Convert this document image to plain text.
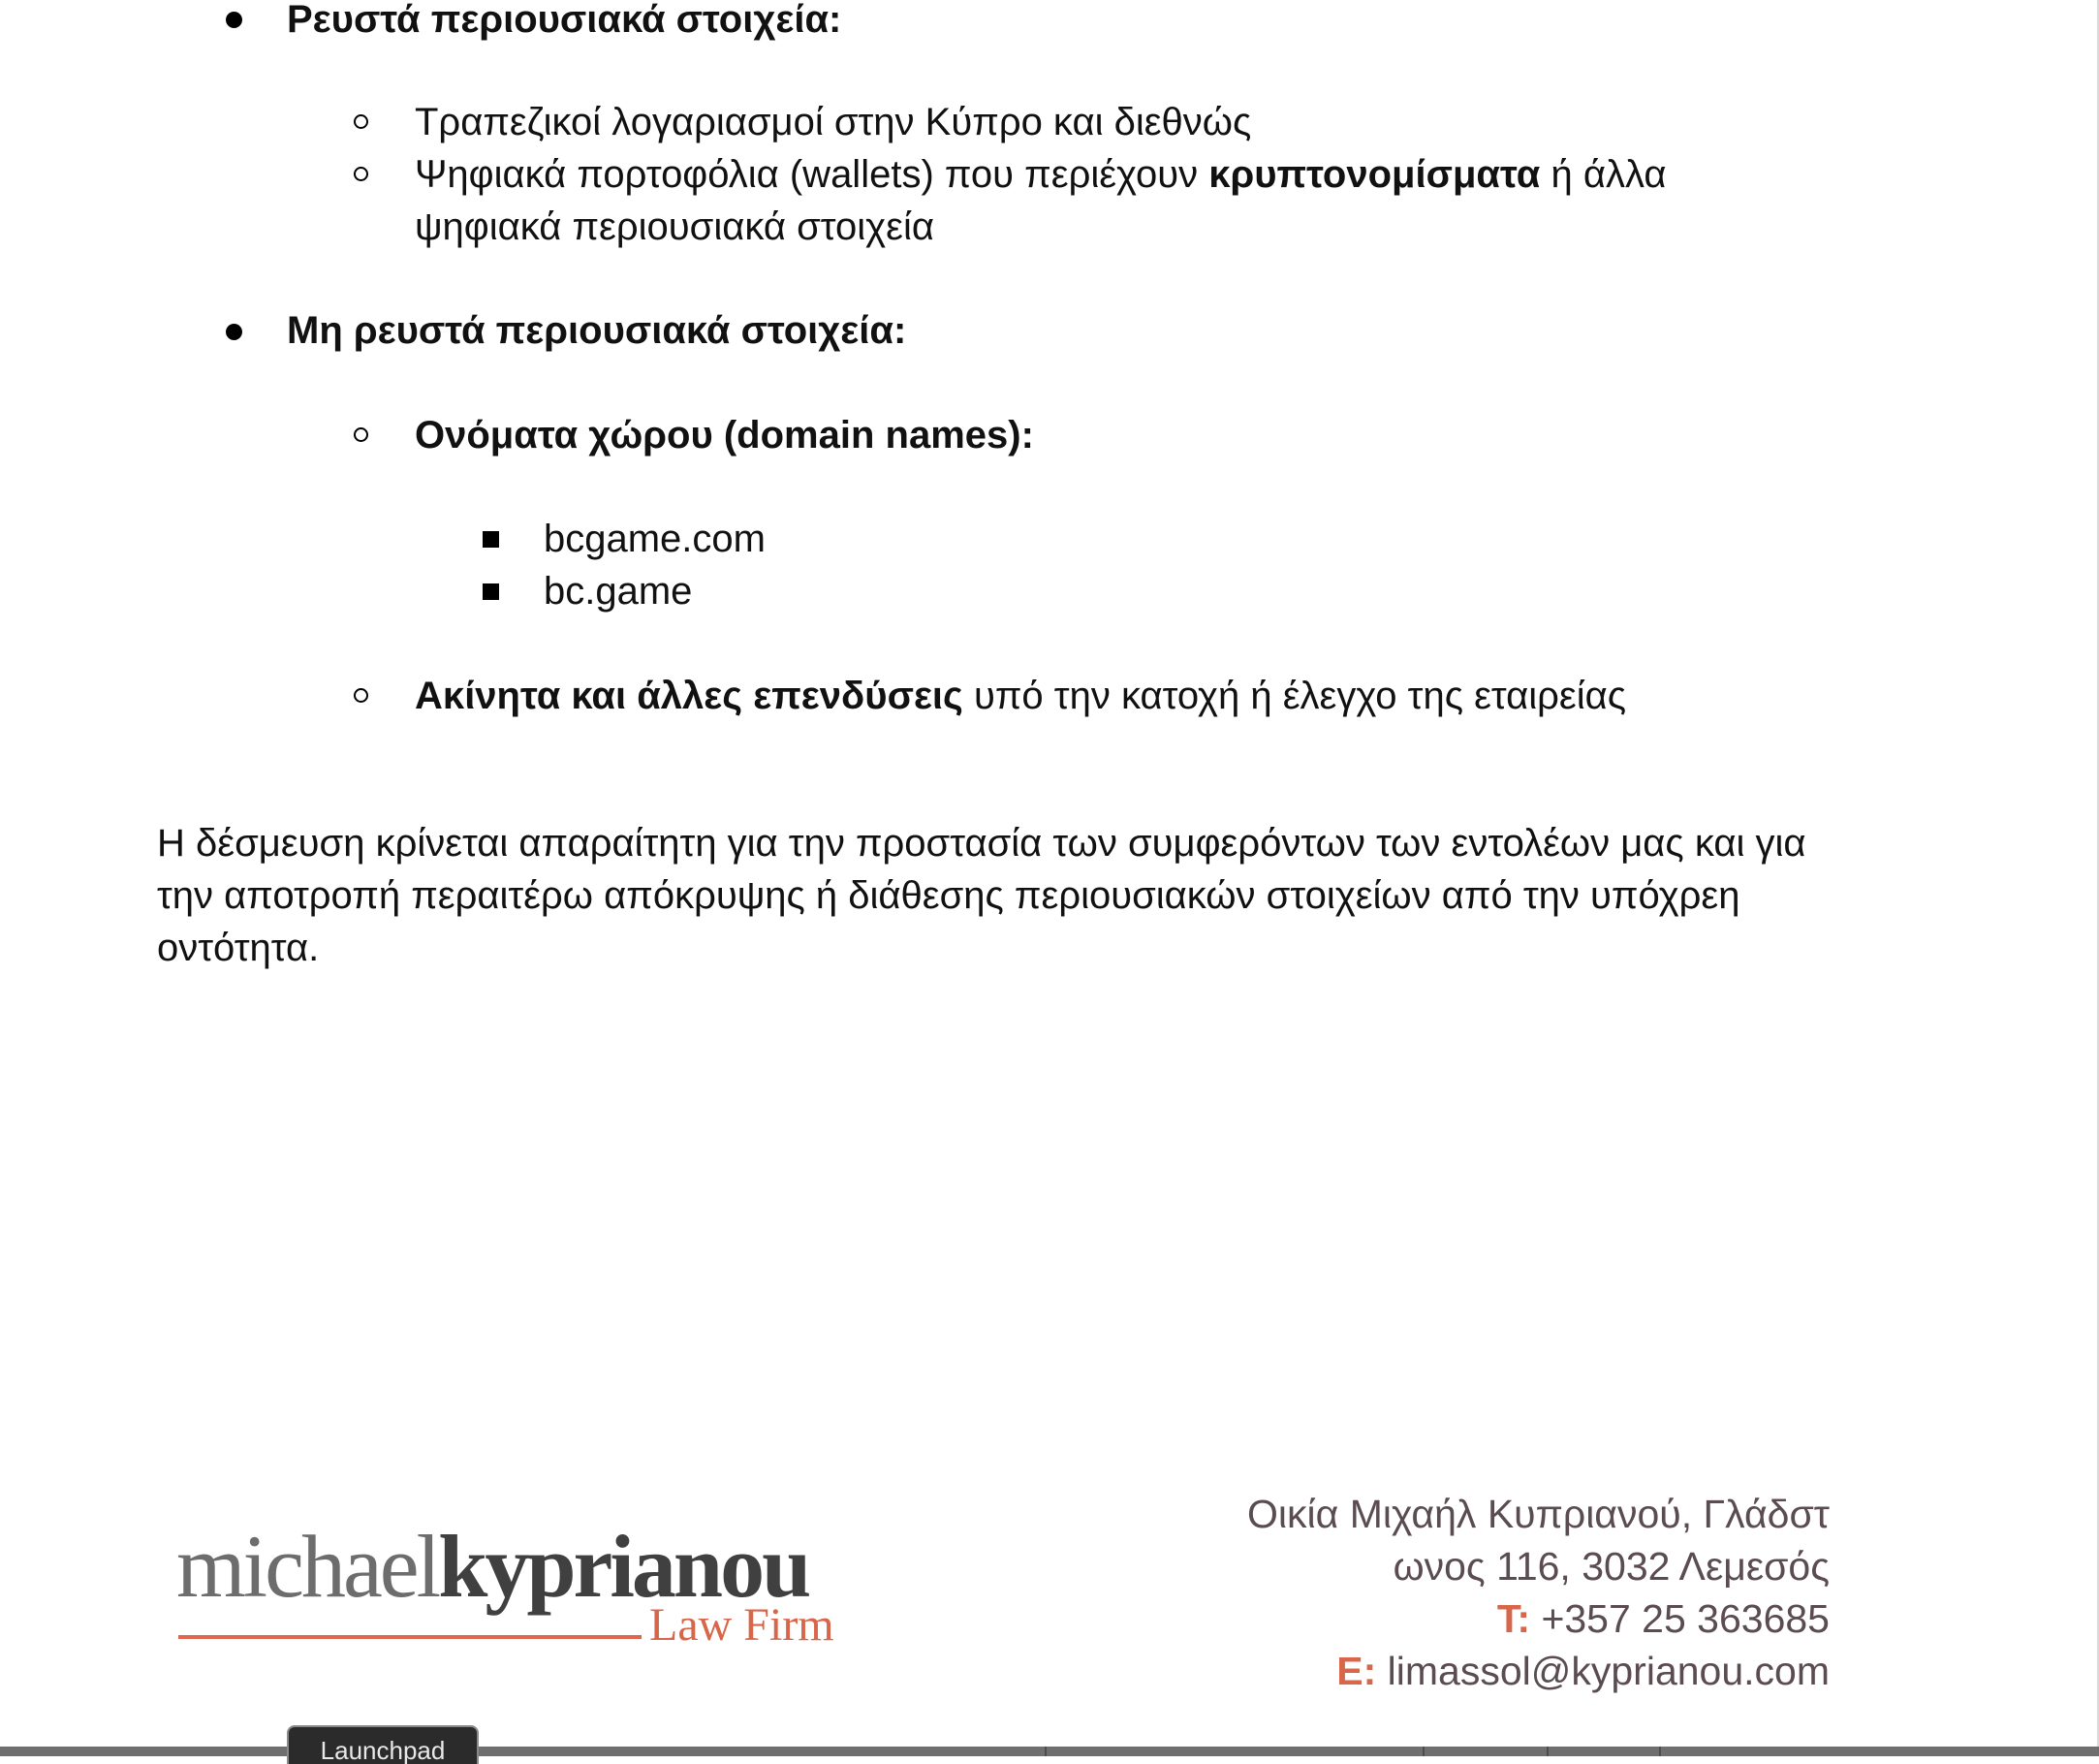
Ρευστά περιουσιακά στοιχεία:
Τραπεζικοί λογαριασμοί στην Κύπρο και διεθνώς
Ψηφιακά πορτοφόλια (wallets) που περιέχουν κρυπτονομίσματα ή άλλα
ψηφιακά περιουσιακά στοιχεία
Μη ρευστά περιουσιακά στοιχεία:
Ονόματα χώρου (domain names):
bcgame.com
bc.game
Ακίνητα και άλλες επενδύσεις υπό την κατοχή ή έλεγχο της εταιρείας
Η δέσμευση κρίνεται απαραίτητη για την προστασία των συμφερόντων των εντολέων μας και για
την αποτροπή περαιτέρω απόκρυψης ή διάθεσης περιουσιακών στοιχείων από την υπόχρεη
οντότητα.
michaelkyprianou
Law Firm
Οικία Μιχαήλ Κυπριανού, Γλάδστ
ωνος 116, 3032 Λεμεσός
T: +357 25 363685
E: limassol@kyprianou.com
Launchpad
